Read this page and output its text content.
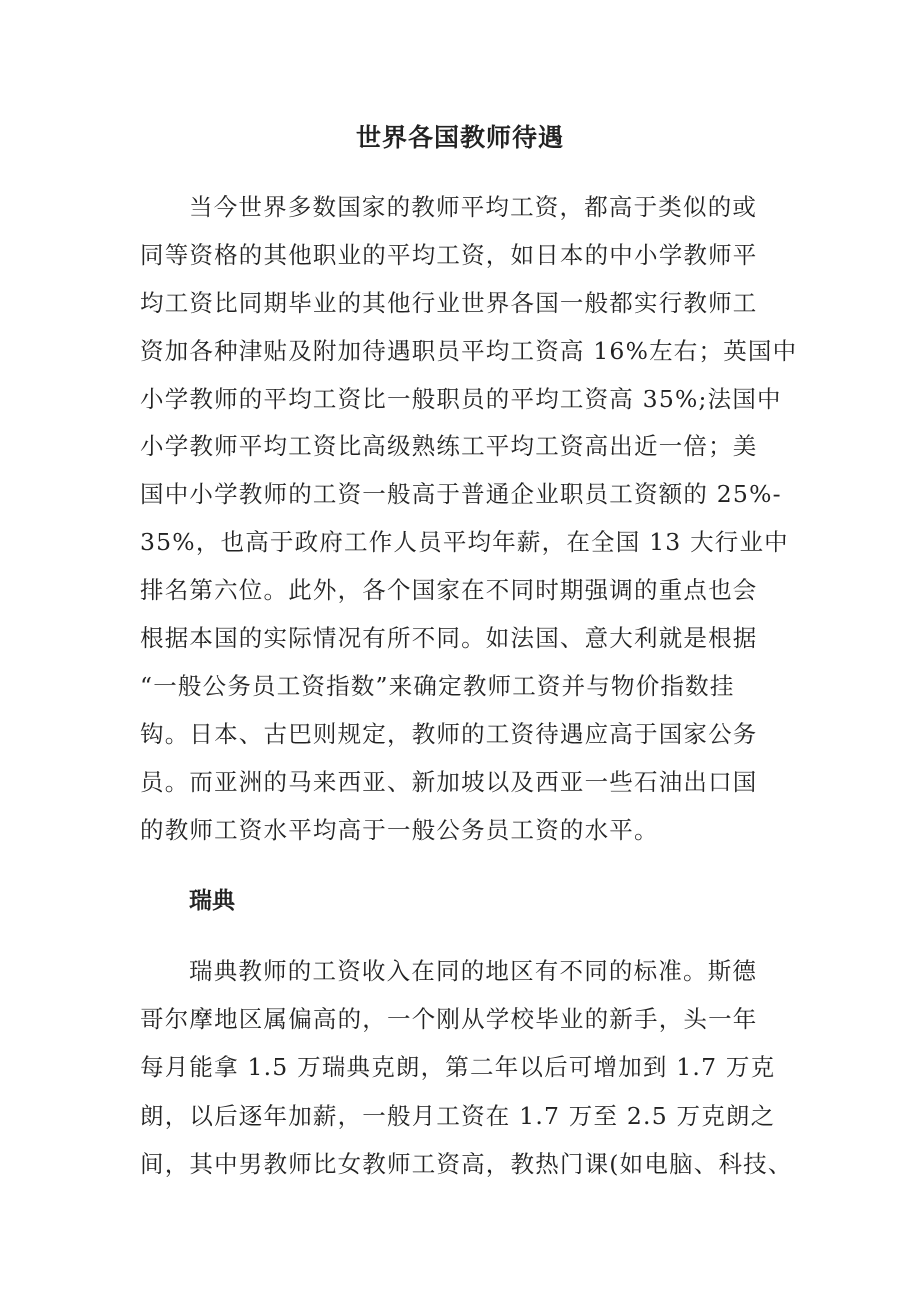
世界各国教师待遇
当今世界多数国家的教师平均工资，都高于类似的或
同等资格的其他职业的平均工资，如日本的中小学教师平
均工资比同期毕业的其他行业世界各国一般都实行教师工
资加各种津贴及附加待遇职员平均工资高 16%左右；英国中
小学教师的平均工资比一般职员的平均工资高 35%;法国中
小学教师平均工资比高级熟练工平均工资高出近一倍；美
国中小学教师的工资一般高于普通企业职员工资额的 25%-
35%，也高于政府工作人员平均年薪，在全国 13 大行业中
排名第六位。此外，各个国家在不同时期强调的重点也会
根据本国的实际情况有所不同。如法国、意大利就是根据
“一般公务员工资指数”来确定教师工资并与物价指数挂
钩。日本、古巴则规定，教师的工资待遇应高于国家公务
员。而亚洲的马来西亚、新加坡以及西亚一些石油出口国
的教师工资水平均高于一般公务员工资的水平。
瑞典
瑞典教师的工资收入在同的地区有不同的标准。斯德
哥尔摩地区属偏高的，一个刚从学校毕业的新手，头一年
每月能拿 1.5 万瑞典克朗，第二年以后可增加到 1.7 万克
朗，以后逐年加薪，一般月工资在 1.7 万至 2.5 万克朗之
间，其中男教师比女教师工资高，教热门课(如电脑、科技、
